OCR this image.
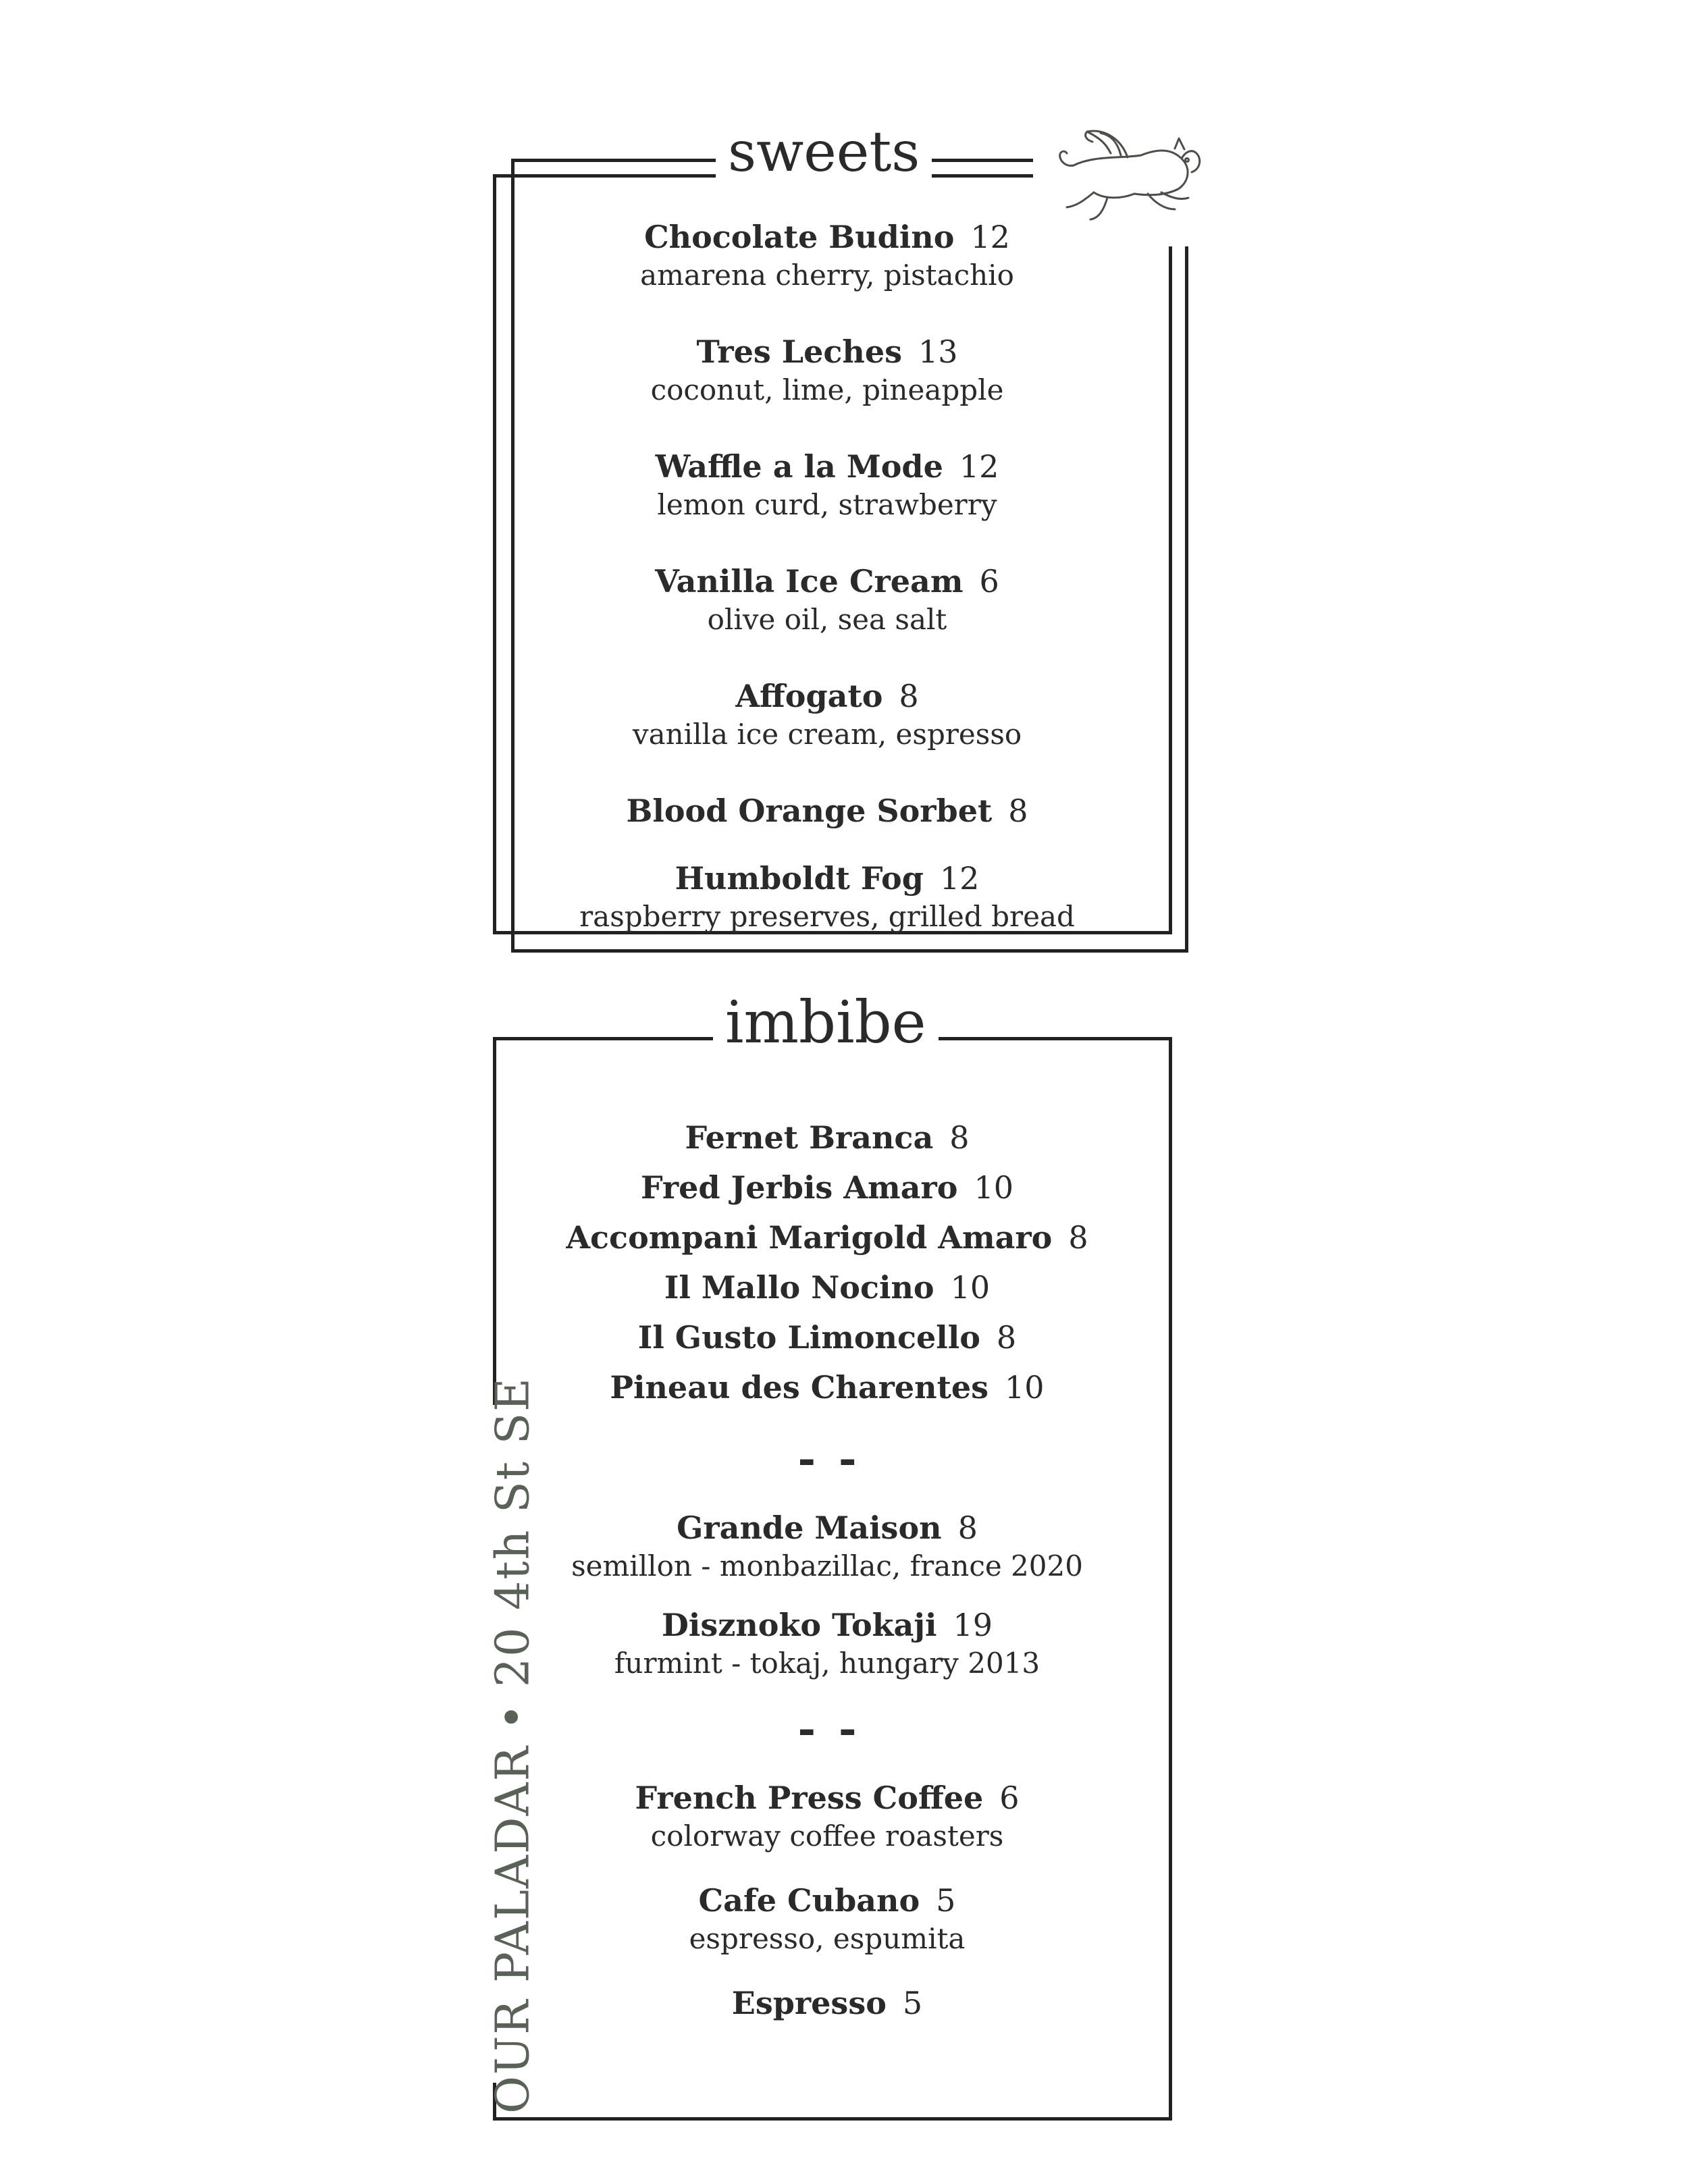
sweets
Chocolate Budino 12
amarena cherry, pistachio
Tres Leches 13
coconut, lime, pineapple
Waffle a la Mode 12
lemon curd, strawberry
Vanilla Ice Cream 6
olive oil, sea salt
Affogato 8
vanilla ice cream, espresso
Blood Orange Sorbet 8
Humboldt Fog 12
raspberry preserves, grilled bread
imbibe
Fernet Branca 8
Fred Jerbis Amaro 10
Accompani Marigold Amaro 8
Il Mallo Nocino 10
Il Gusto Limoncello 8
Pineau des Charentes 10
--
Grande Maison 8
semillon - monbazillac, france 2020
Disznoko Tokaji 19
furmint - tokaj, hungary 2013
--
French Press Coffee 6
colorway coffee roasters
Cafe Cubano 5
espresso, espumita
Espresso 5
OUR PALADAR•20 4th St SE
